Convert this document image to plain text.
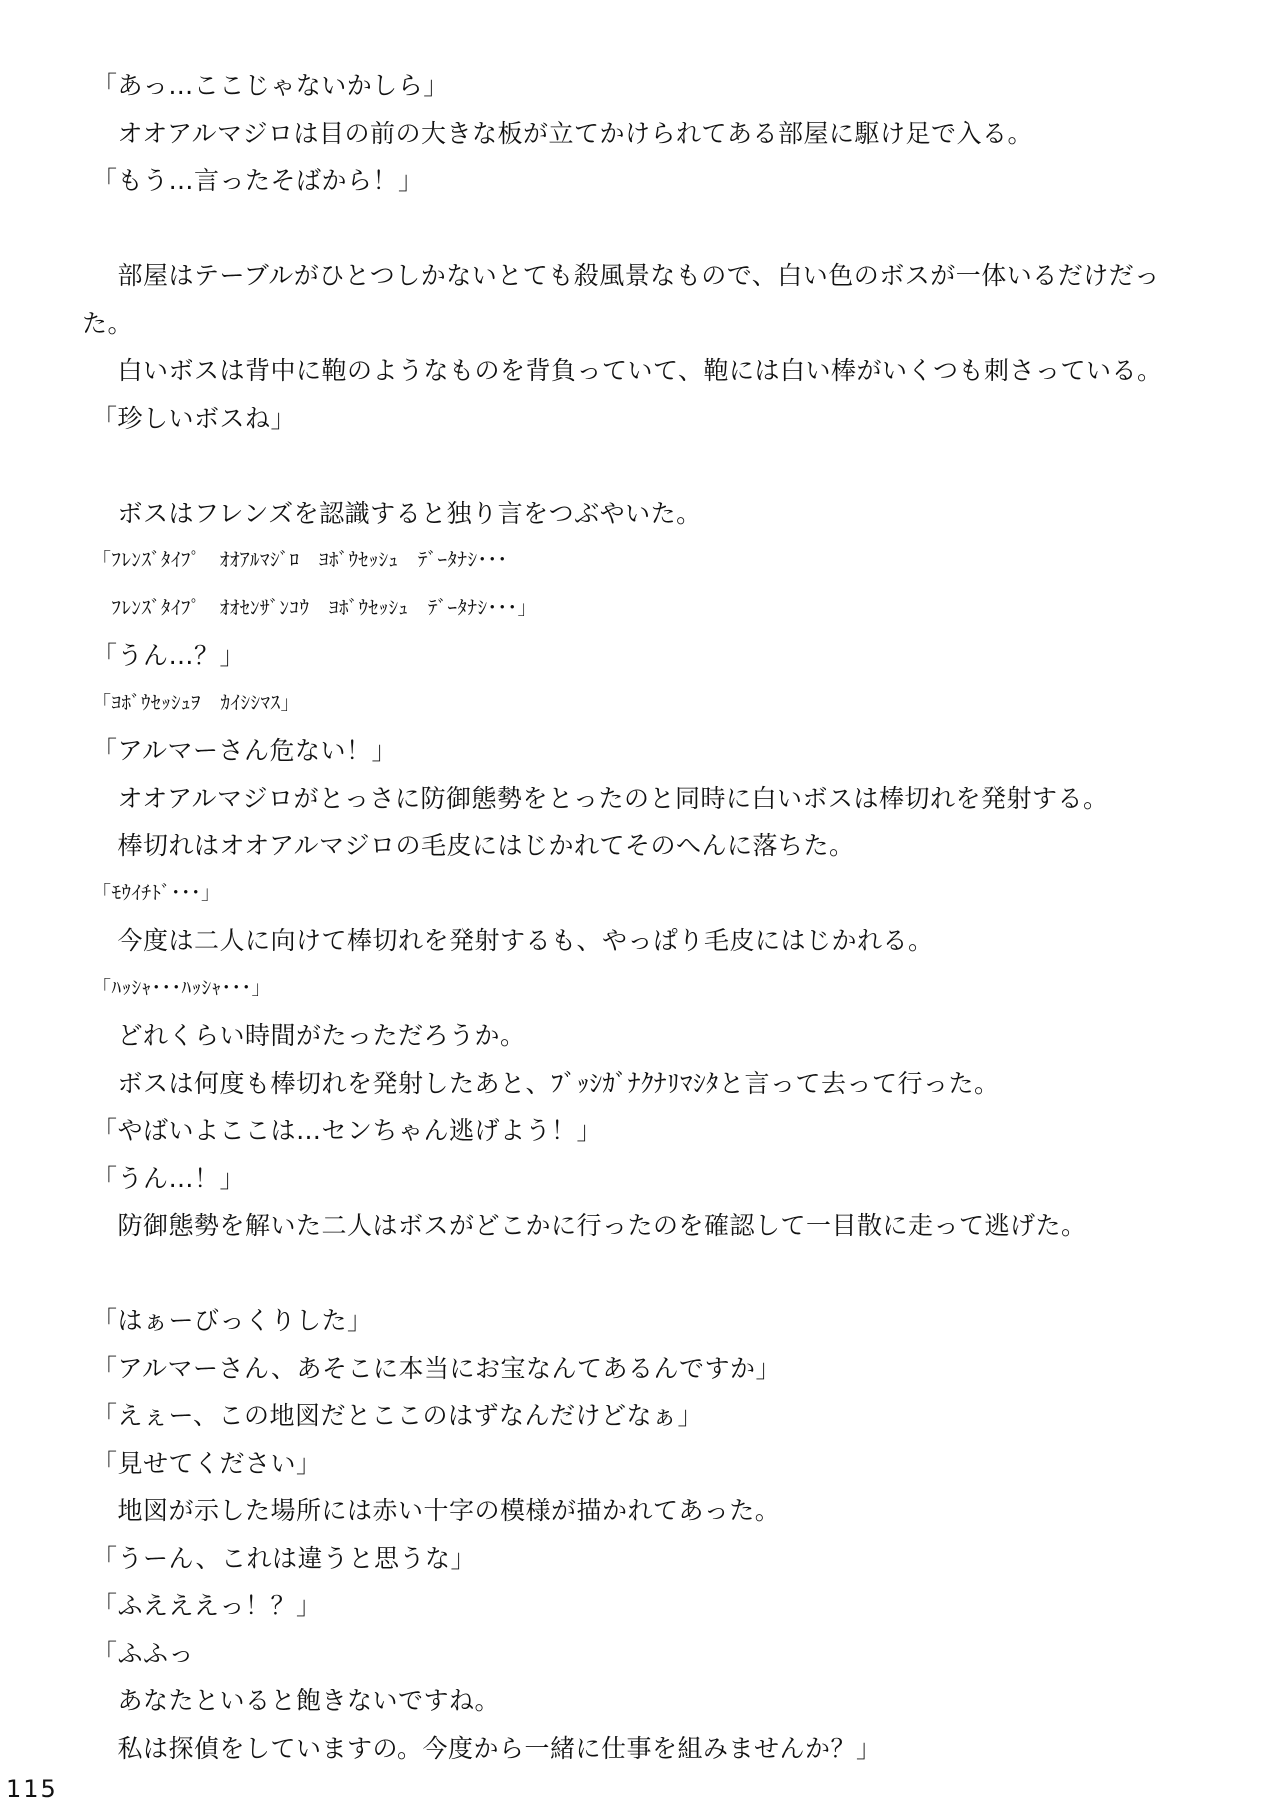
「あっ…ここじゃないかしら」
　オオアルマジロは目の前の大きな板が立てかけられてある部屋に駆け足で入る。
「もう…言ったそばから！」
　部屋はテーブルがひとつしかないとても殺風景なもので、白い色のボスが一体いるだけだっ
た。
　白いボスは背中に鞄のようなものを背負っていて、鞄には白い棒がいくつも刺さっている。
「珍しいボスね」
　ボスはフレンズを認識すると独り言をつぶやいた。
「ﾌﾚﾝｽﾞﾀｲﾌﾟ　ｵｵｱﾙﾏｼﾞﾛ　ﾖﾎﾞｳｾｯｼｭ　ﾃﾞｰﾀﾅｼ･･･
　ﾌﾚﾝｽﾞﾀｲﾌﾟ　ｵｵｾﾝｻﾞﾝｺｳ　ﾖﾎﾞｳｾｯｼｭ　ﾃﾞｰﾀﾅｼ･･･」
「うん…？」
「ﾖﾎﾞｳｾｯｼｭｦ　ｶｲｼｼﾏｽ」
「アルマーさん危ない！」
　オオアルマジロがとっさに防御態勢をとったのと同時に白いボスは棒切れを発射する。
　棒切れはオオアルマジロの毛皮にはじかれてそのへんに落ちた。
「ﾓｳｲﾁﾄﾞ･･･」
　今度は二人に向けて棒切れを発射するも、やっぱり毛皮にはじかれる。
「ﾊｯｼｬ･･･ﾊｯｼｬ･･･」
　どれくらい時間がたっただろうか。
　ボスは何度も棒切れを発射したあと、ﾌﾞｯｼｶﾞﾅｸﾅﾘﾏｼﾀと言って去って行った。
「やばいよここは…センちゃん逃げよう！」
「うん…！」
　防御態勢を解いた二人はボスがどこかに行ったのを確認して一目散に走って逃げた。
「はぁーびっくりした」
「アルマーさん、あそこに本当にお宝なんてあるんですか」
「えぇー、この地図だとここのはずなんだけどなぁ」
「見せてください」
　地図が示した場所には赤い十字の模様が描かれてあった。
「うーん、これは違うと思うな」
「ふえええっ！？」
「ふふっ
　あなたといると飽きないですね。
　私は探偵をしていますの。今度から一緒に仕事を組みませんか？」
115
